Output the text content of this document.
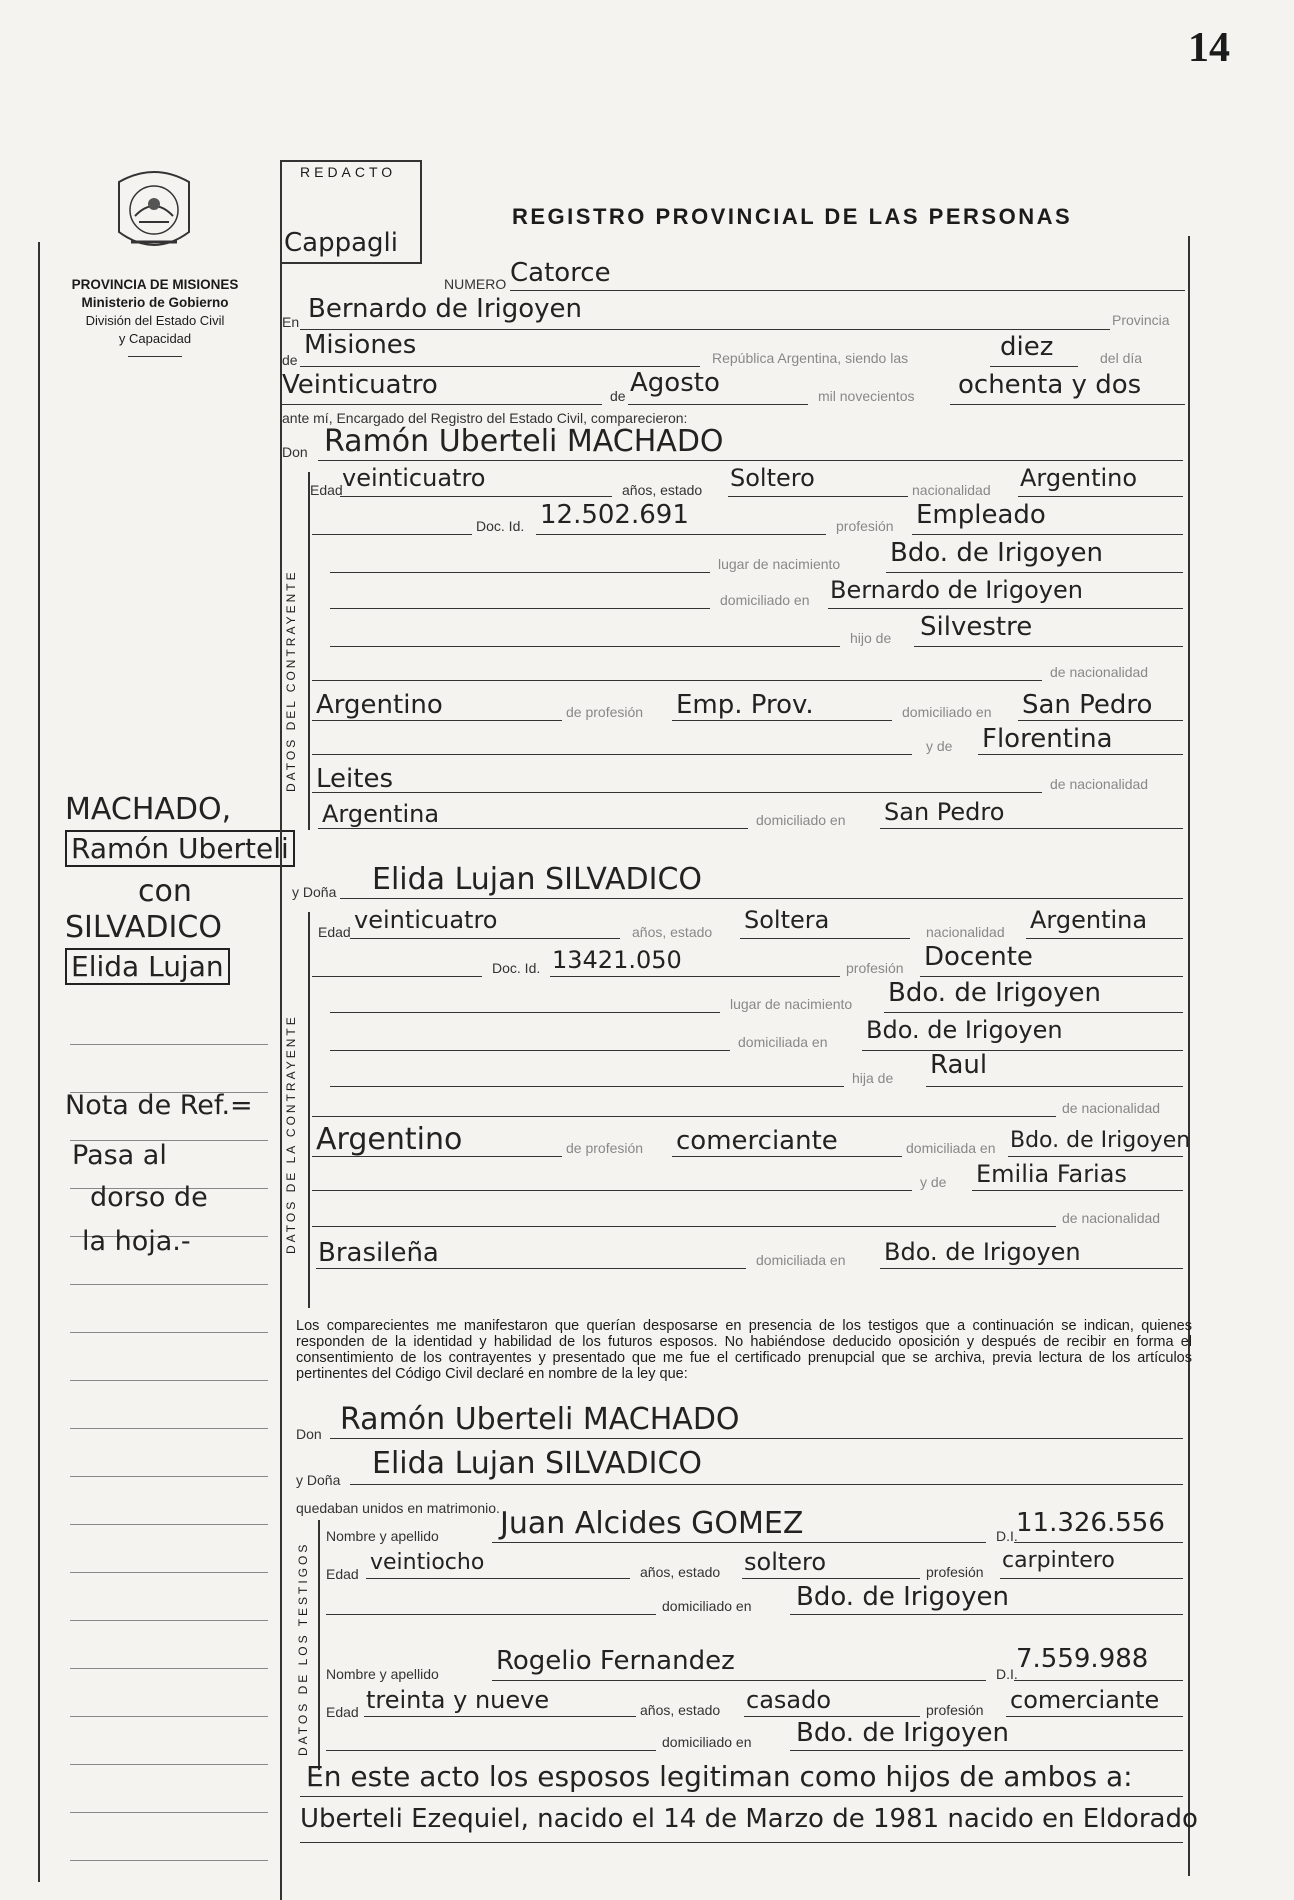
14
PROVINCIA DE MISIONES
Ministerio de Gobierno
División del Estado Civil
y Capacidad
MACHADO,
Ramón Uberteli
con
SILVADICO
Elida Lujan
Nota de Ref.=
Pasa al
dorso de
la hoja.-
REDACTO
Cappagli
REGISTRO PROVINCIAL DE LAS PERSONAS
NUMERO Catorce
En Bernardo de Irigoyen	Provincia
de Misiones	República Argentina, siendo las	diez	del día
Veinticuatro	de Agosto	mil novecientos ochenta y dos
ante mí, Encargado del Registro del Estado Civil, comparecieron:
Don Ramón Uberteli MACHADO
DATOS DEL CONTRAYENTE
Edad veinticuatro	años, estado Soltero	nacionalidad Argentino
Doc. Id. 12.502.691	profesión Empleado
lugar de nacimiento Bdo. de Irigoyen
domiciliado en Bernardo de Irigoyen
hijo de Silvestre
de nacionalidad
Argentino	de profesión Emp. Prov.	domiciliado en San Pedro
y de Florentina
Leites	de nacionalidad
Argentina	domiciliado en San Pedro
y Doña Elida Lujan SILVADICO
DATOS DE LA CONTRAYENTE
Edad veinticuatro	años, estado Soltera	nacionalidad Argentina
Doc. Id. 13421.050	profesión Docente
lugar de nacimiento Bdo. de Irigoyen
domiciliada en Bdo. de Irigoyen
hija de Raul
de nacionalidad
Argentino	de profesión comerciante	domiciliada en Bdo. de Irigoyen
y de Emilia Farias
de nacionalidad
Brasileña	domiciliada en Bdo. de Irigoyen
Los comparecientes me manifestaron que querían desposarse en presencia de los testigos que a continuación se indican, quienes responden de la identidad y habilidad de los futuros esposos. No habiéndose deducido oposición y después de recibir en forma el consentimiento de los contrayentes y presentado que me fue el certificado prenupcial que se archiva, previa lectura de los artículos pertinentes del Código Civil declaré en nombre de la ley que:
Don Ramón Uberteli MACHADO
y Doña Elida Lujan SILVADICO
quedaban unidos en matrimonio.
DATOS DE LOS TESTIGOS
Nombre y apellido Juan Alcides GOMEZ	D.I.
11.326.556
Edad veintiocho	años, estado soltero	profesión carpintero
domiciliado en Bdo. de Irigoyen
Nombre y apellido Rogelio Fernandez	D.I.
7.559.988
Edad treinta y nueve	años, estado casado	profesión comerciante
domiciliado en Bdo. de Irigoyen
En este acto los esposos legitiman como hijos de ambos a:
Uberteli Ezequiel, nacido el 14 de Marzo de 1981 nacido en Eldorado
